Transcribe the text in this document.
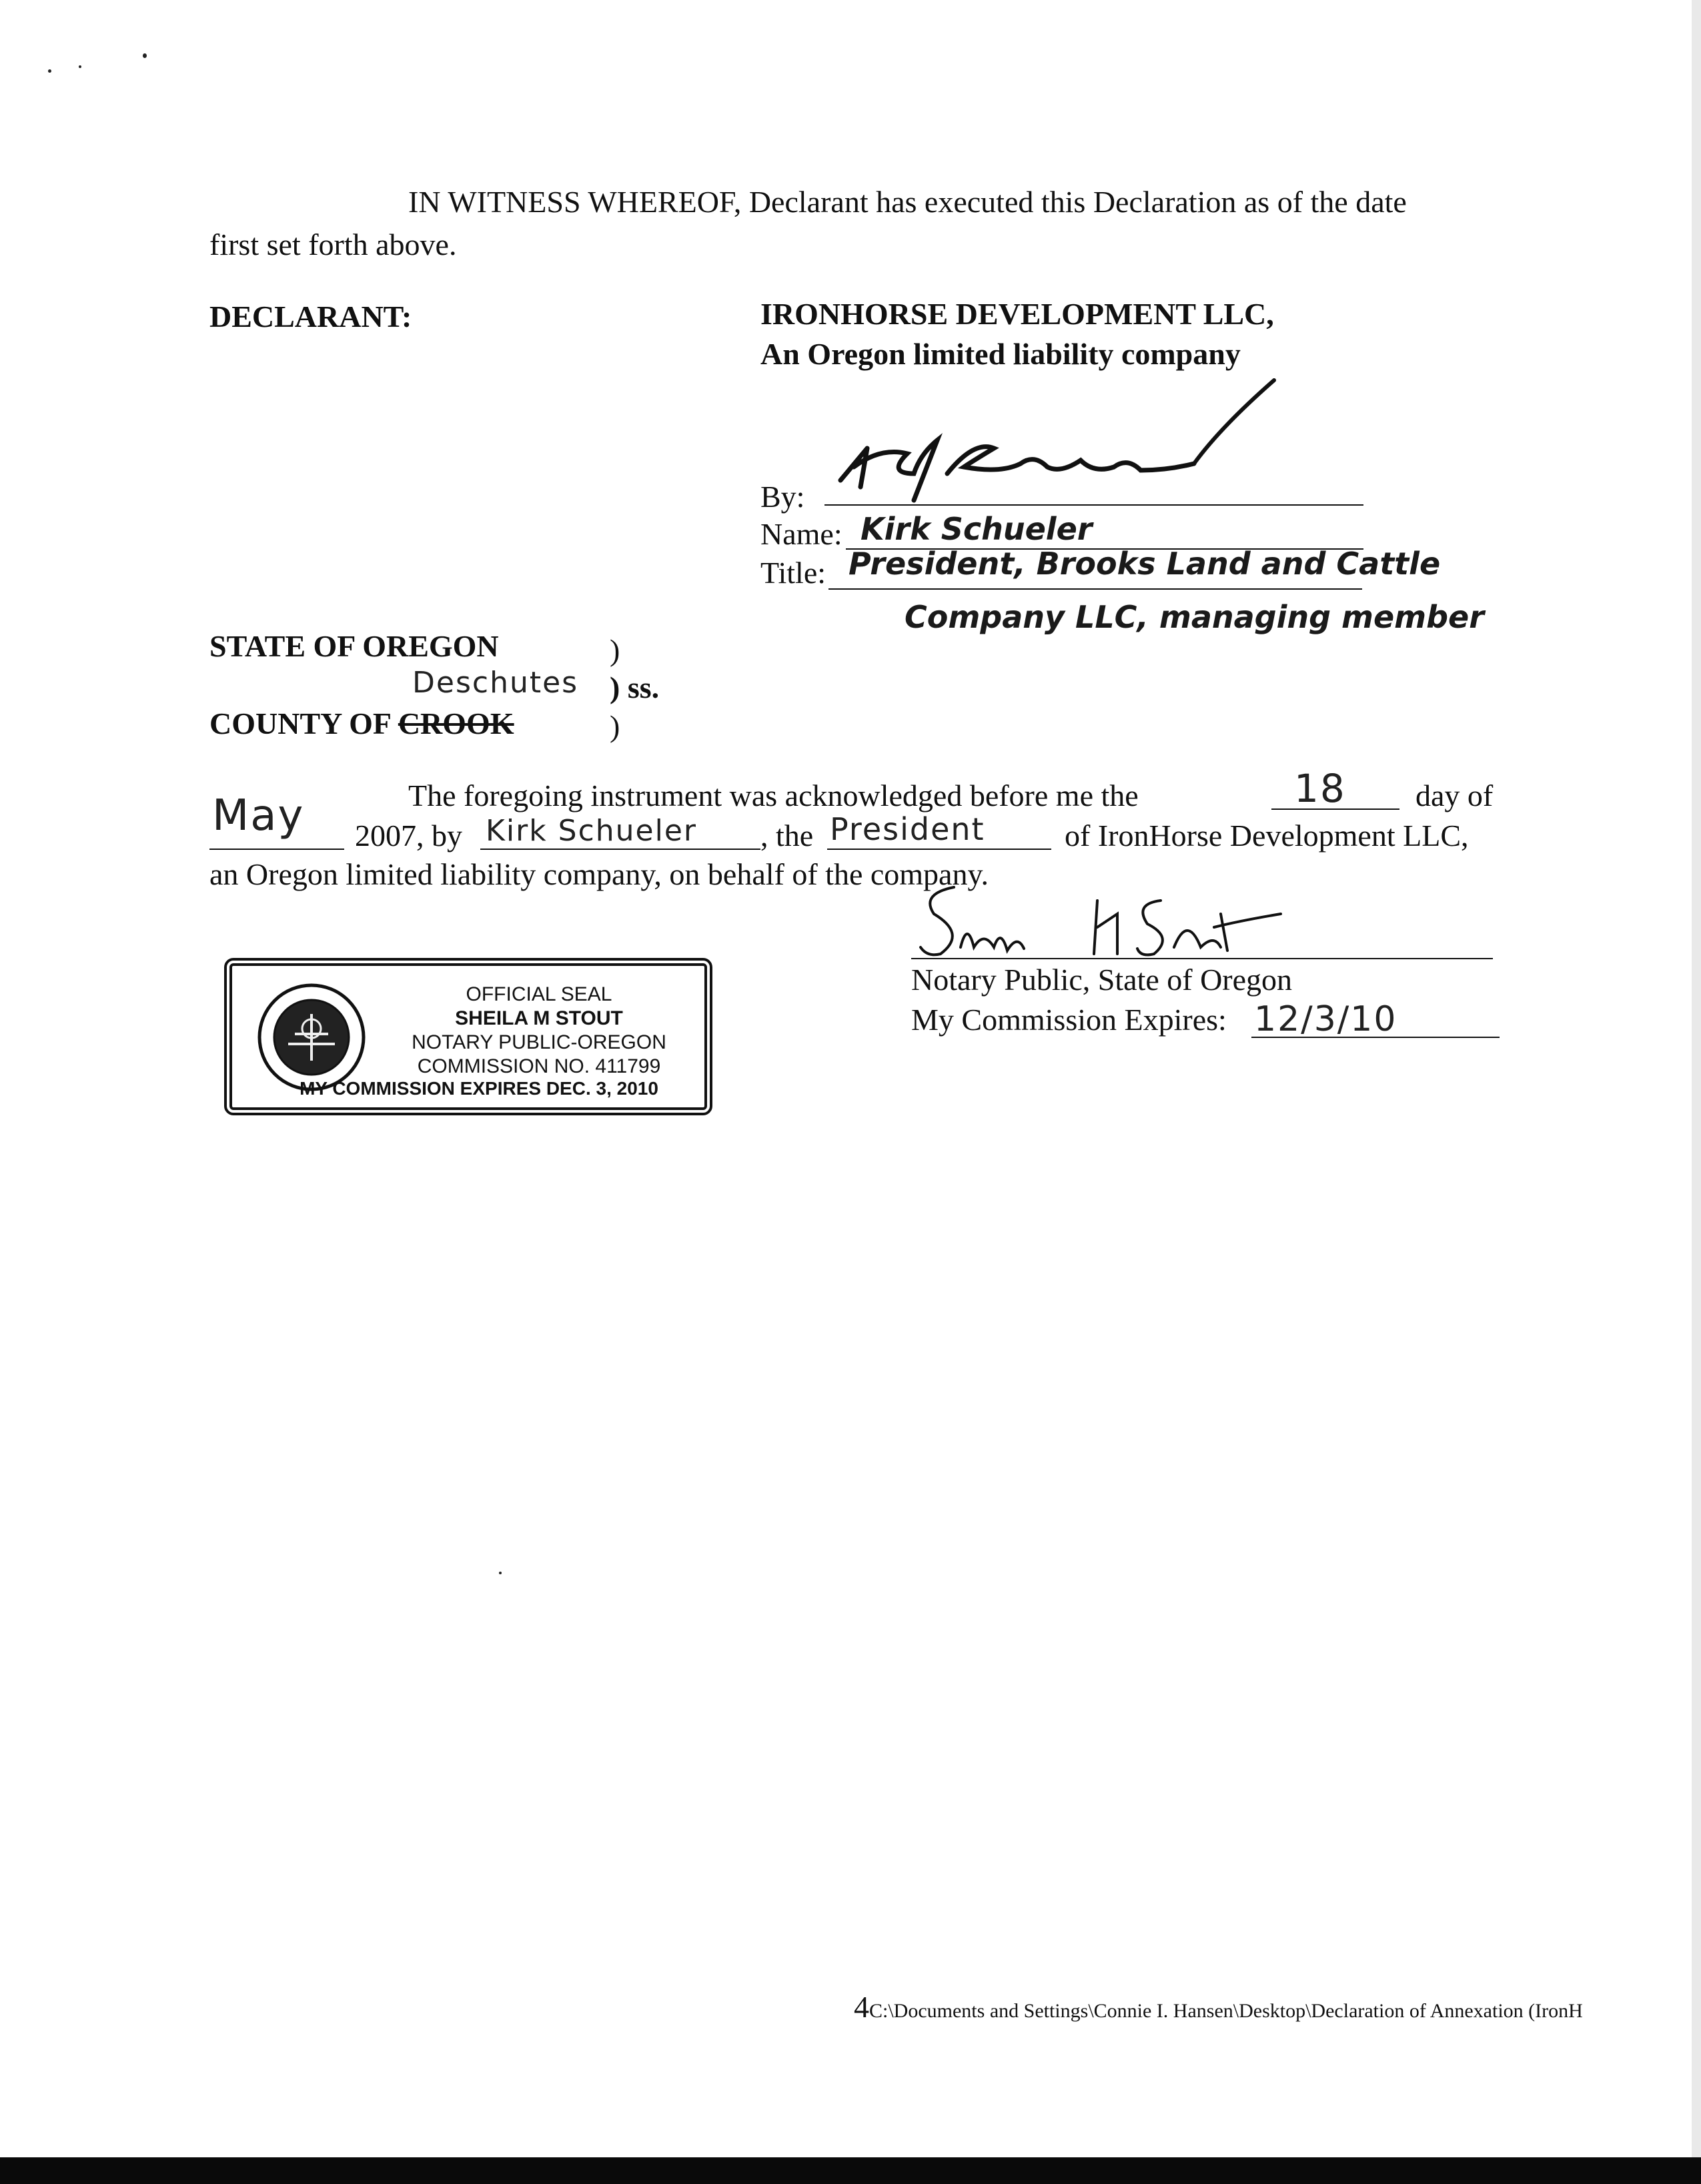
IN WITNESS WHEREOF, Declarant has executed this Declaration as of the date
first set forth above.
DECLARANT:	IRONHORSE DEVELOPMENT LLC,
An Oregon limited liability company
By:
Name: Kirk Schueler
Title: President, Brooks Land and Cattle
Company LLC, managing member
STATE OF OREGON	)
Deschutes ) ss.
COUNTY OF CROOK	)
The foregoing instrument was acknowledged before me the	18 day of
May 2007, by Kirk Schueler , the President	of IronHorse Development LLC,
an Oregon limited liability company, on behalf of the company.
Notary Public, State of Oregon
My Commission Expires: 12/3/10
OFFICIAL SEAL
SHEILA M STOUT
NOTARY PUBLIC-OREGON
COMMISSION NO. 411799
MY COMMISSION EXPIRES DEC. 3, 2010
4C:\Documents and Settings\Connie I. Hansen\Desktop\Declaration of Annexation (IronH
